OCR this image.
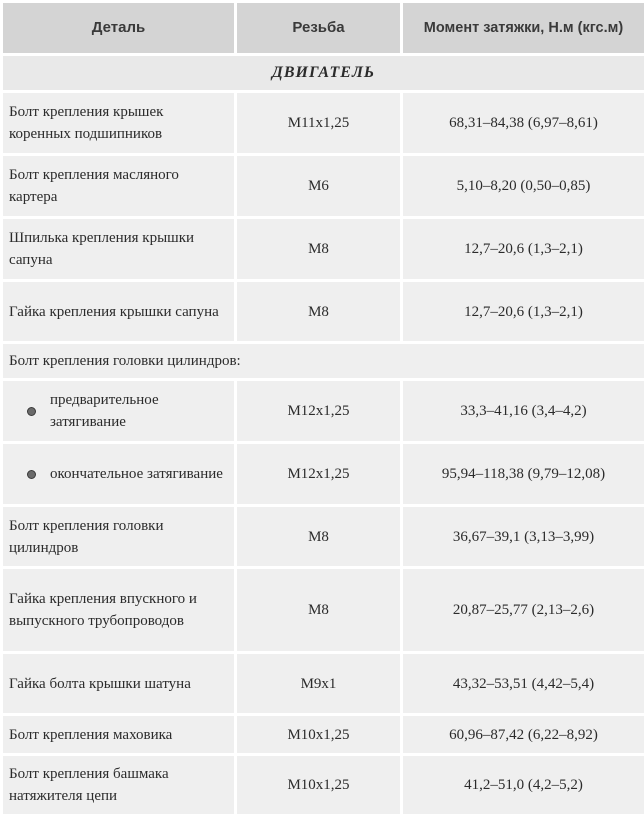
Деталь	Резьба	Момент затяжки, Н.м (кгс.м)
ДВИГАТЕЛЬ		
Болт крепления крышек коренных подшипников	M11x1,25	68,31–84,38 (6,97–8,61)
Болт крепления масляного картера	M6	5,10–8,20 (0,50–0,85)
Шпилька крепления крышки сапуна	M8	12,7–20,6 (1,3–2,1)
Гайка крепления крышки сапуна	M8	12,7–20,6 (1,3–2,1)
Болт крепления головки цилиндров:		

предварительное затягивание	M12x1,25	33,3–41,16 (3,4–4,2)

окончательное затягивание	M12x1,25	95,94–118,38 (9,79–12,08)
Болт крепления головки цилиндров	M8	36,67–39,1 (3,13–3,99)
Гайка крепления впускного и выпускного трубопроводов	M8	20,87–25,77 (2,13–2,6)
Гайка болта крышки шатуна	M9x1	43,32–53,51 (4,42–5,4)
Болт крепления маховика	M10x1,25	60,96–87,42 (6,22–8,92)
Болт крепления башмака натяжителя цепи	M10x1,25	41,2–51,0 (4,2–5,2)
